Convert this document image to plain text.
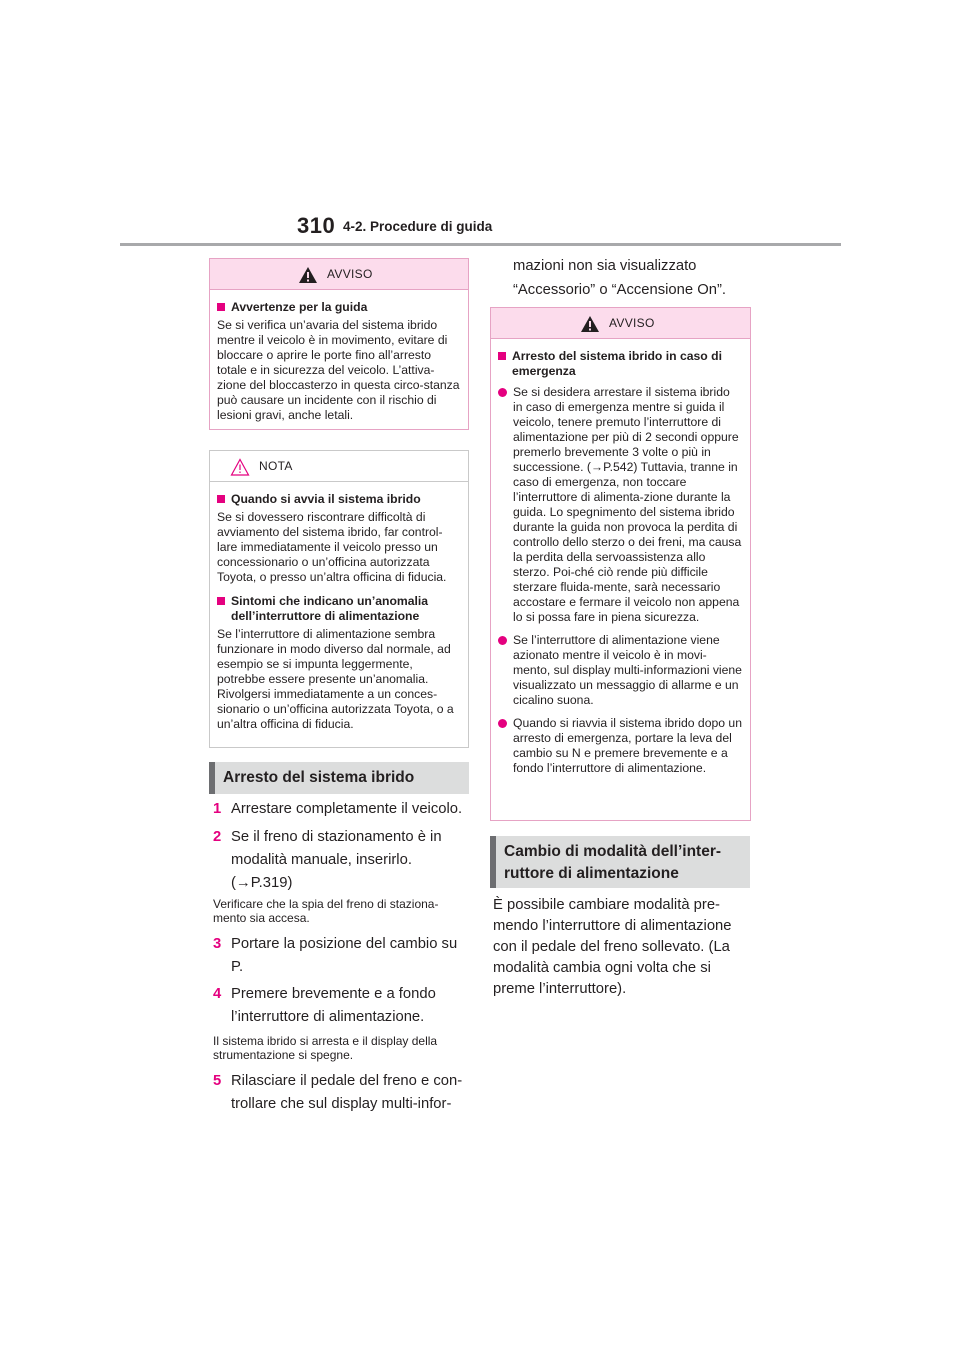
310 4-2. Procedure di guida
AVVISO
Avvertenze per la guida

Se si verifica un’avaria del sistema ibrido mentre il veicolo è in movimento, evitare di bloccare o aprire le porte fino all’arresto totale e in sicurezza del veicolo. L’attiva-zione del bloccasterzo in questa circo-stanza può causare un incidente con il rischio di lesioni gravi, anche letali.

NOTA
Quando si avvia il sistema ibrido

Se si dovessero riscontrare difficoltà di avviamento del sistema ibrido, far control-lare immediatamente il veicolo presso un concessionario o un’officina autorizzata Toyota, o presso un’altra officina di fiducia.

Sintomi che indicano un’anomalia dell’interruttore di alimentazione

Se l’interruttore di alimentazione sembra funzionare in modo diverso dal normale, ad esempio se si impunta leggermente, potrebbe essere presente un’anomalia. Rivolgersi immediatamente a un conces-sionario o un’officina autorizzata Toyota, o a un’altra officina di fiducia.

Arresto del sistema ibrido
1 Arrestare completamente il veicolo.
2 Se il freno di stazionamento è in modalità manuale, inserirlo. (→P.319)
Verificare che la spia del freno di staziona-mento sia accesa.
3 Portare la posizione del cambio su P.
4 Premere brevemente e a fondo l’interruttore di alimentazione.
Il sistema ibrido si arresta e il display della strumentazione si spegne.
5 Rilasciare il pedale del freno e con-trollare che sul display multi-infor-
mazioni non sia visualizzato “Accessorio” o “Accensione On”.
AVVISO
Arresto del sistema ibrido in caso di emergenza
Se si desidera arrestare il sistema ibrido in caso di emergenza mentre si guida il veicolo, tenere premuto l’interruttore di alimentazione per più di 2 secondi oppure premerlo brevemente 3 volte o più in successione. (→P.542) Tuttavia, tranne in caso di emergenza, non toccare l’interruttore di alimenta-zione durante la guida. Lo spegnimento del sistema ibrido durante la guida non provoca la perdita di controllo dello sterzo o dei freni, ma causa la perdita della servoassistenza allo sterzo. Poi-ché ciò rende più difficile sterzare fluida-mente, sarà necessario accostare e fermare il veicolo non appena lo si possa fare in piena sicurezza.
Se l’interruttore di alimentazione viene azionato mentre il veicolo è in movi-mento, sul display multi-informazioni viene visualizzato un messaggio di allarme e un cicalino suona.
Quando si riavvia il sistema ibrido dopo un arresto di emergenza, portare la leva del cambio su N e premere brevemente e a fondo l’interruttore di alimentazione.
Cambio di modalità dell’inter-
ruttore di alimentazione
È possibile cambiare modalità pre-mendo l’interruttore di alimentazione con il pedale del freno sollevato. (La modalità cambia ogni volta che si preme l’interruttore).
